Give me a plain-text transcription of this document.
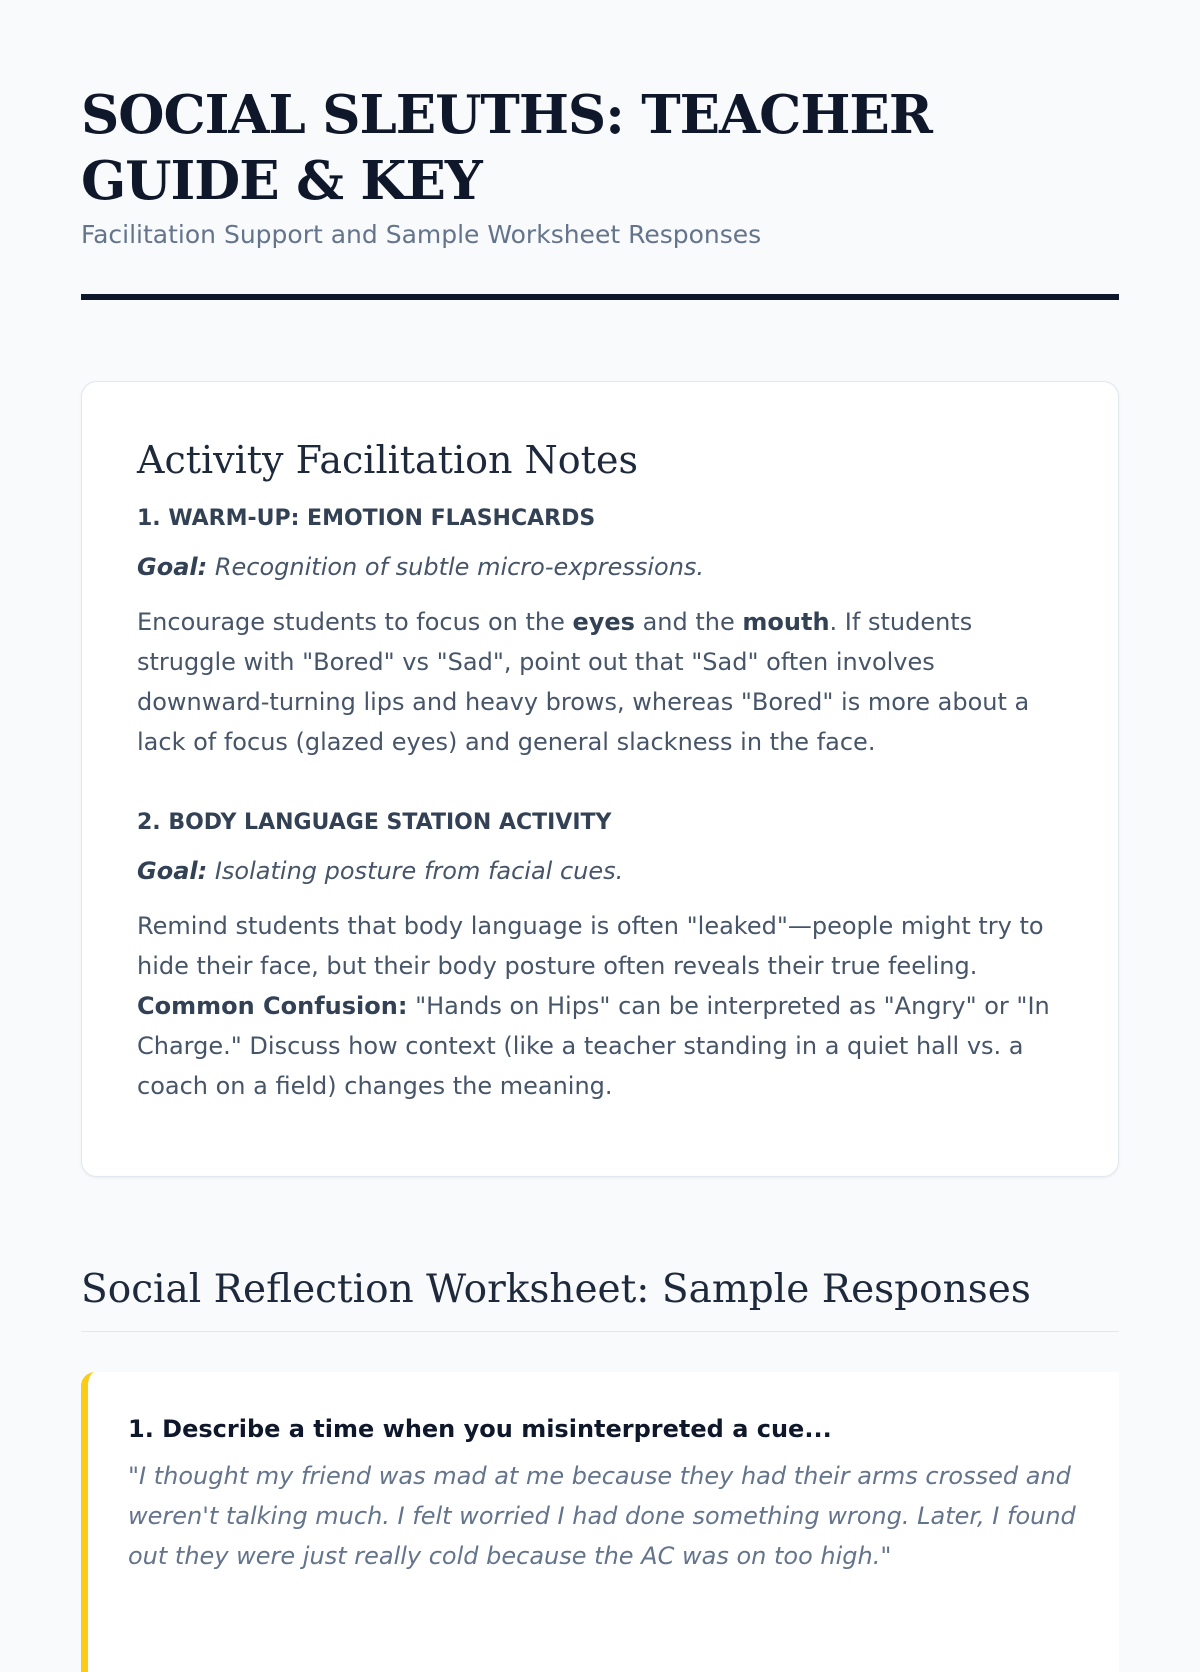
SOCIAL SLEUTHS: TEACHER GUIDE & KEY
Facilitation Support and Sample Worksheet Responses
Activity Facilitation Notes
1. WARM-UP: EMOTION FLASHCARDS
Goal: Recognition of subtle micro-expressions.

Encourage students to focus on the eyes and the mouth. If students struggle with "Bored" vs "Sad", point out that "Sad" often involves downward-turning lips and heavy brows, whereas "Bored" is more about a lack of focus (glazed eyes) and general slackness in the face.

2. BODY LANGUAGE STATION ACTIVITY
Goal: Isolating posture from facial cues.

Remind students that body language is often "leaked"—people might try to hide their face, but their body posture often reveals their true feeling. Common Confusion: "Hands on Hips" can be interpreted as "Angry" or "In Charge." Discuss how context (like a teacher standing in a quiet hall vs. a coach on a field) changes the meaning.

Social Reflection Worksheet: Sample Responses
1. Describe a time when you misinterpreted a cue...

"I thought my friend was mad at me because they had their arms crossed and weren't talking much. I felt worried I had done something wrong. Later, I found out they were just really cold because the AC was on too high."
